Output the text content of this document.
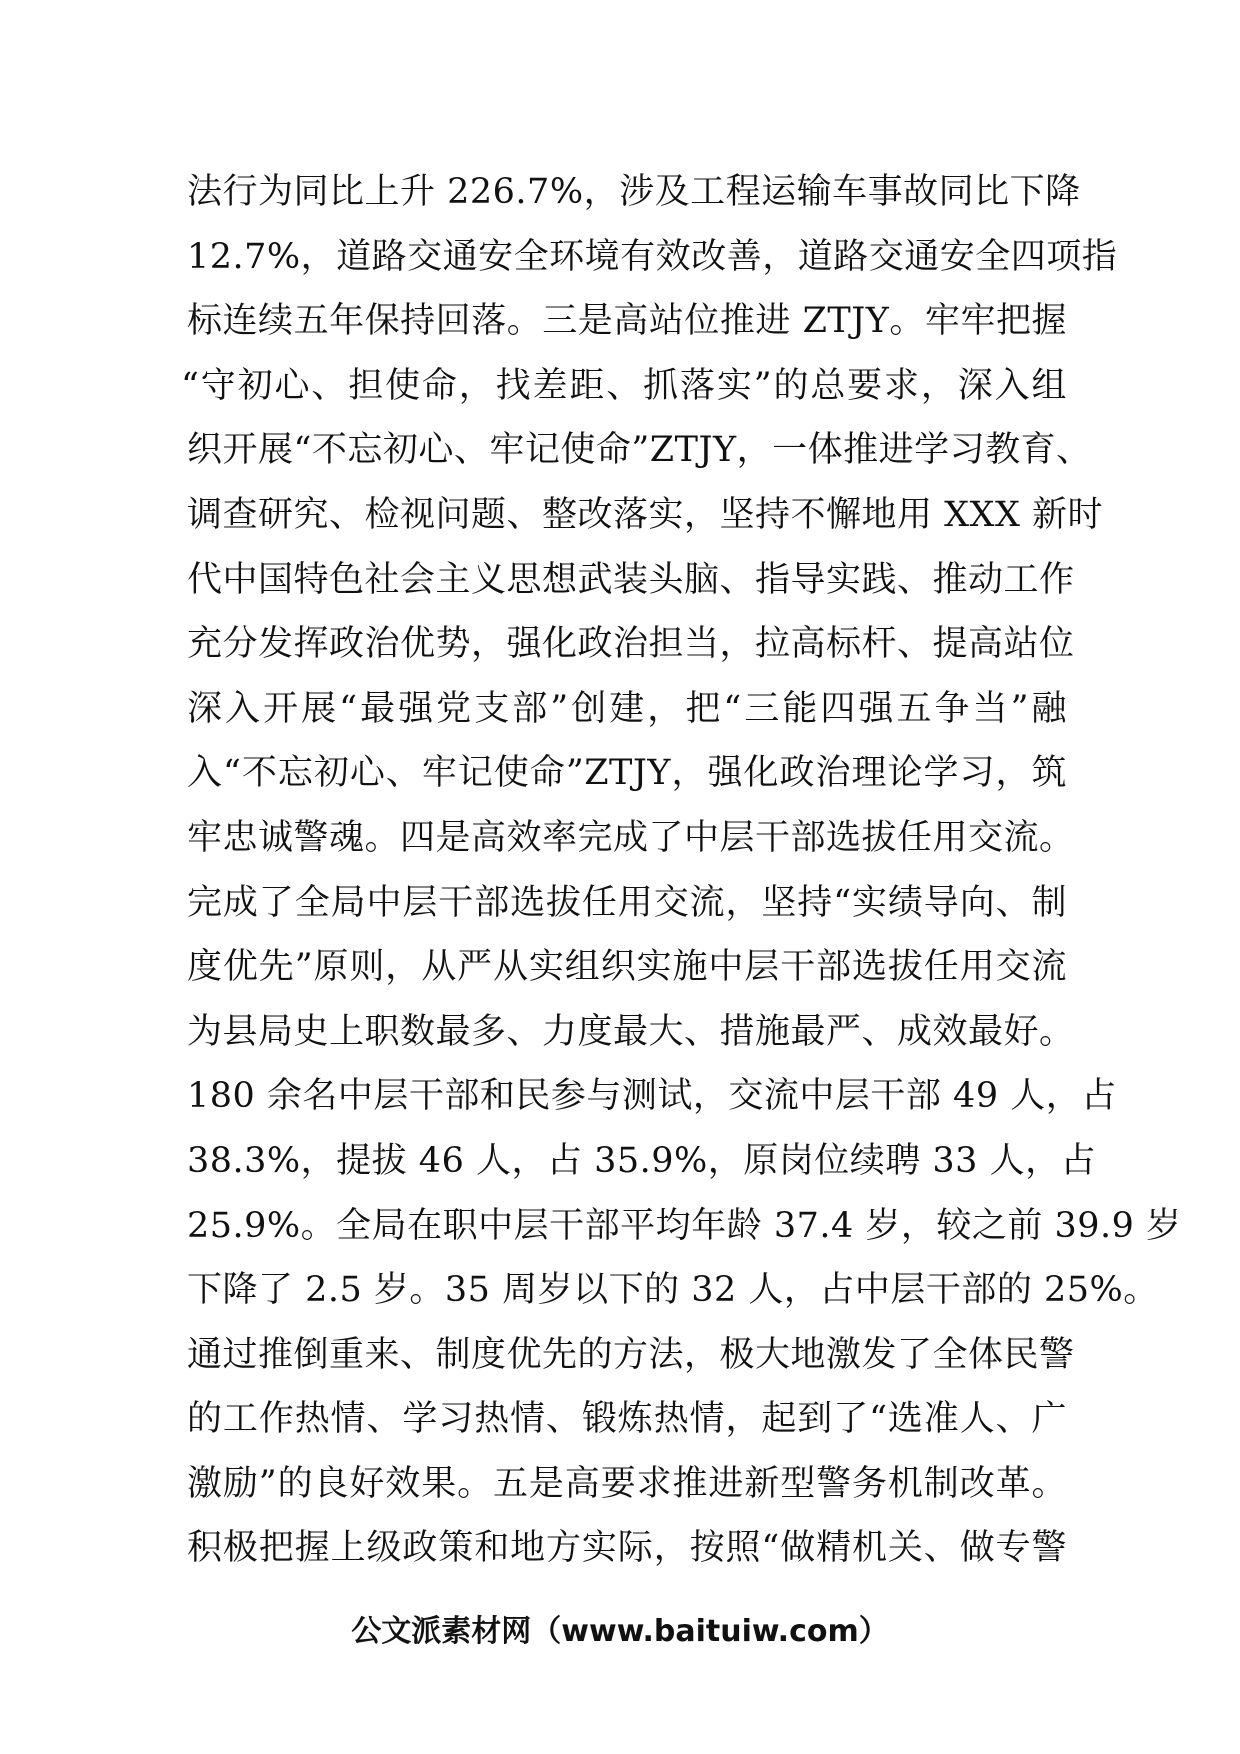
法行为同比上升 226.7%，涉及工程运输车事故同比下降
12.7%，道路交通安全环境有效改善，道路交通安全四项指
标连续五年保持回落。三是高站位推进 ZTJY。牢牢把握
“守初心、担使命，找差距、抓落实”的总要求，深入组
织开展“不忘初心、牢记使命”ZTJY，一体推进学习教育、
调查研究、检视问题、整改落实，坚持不懈地用 XXX 新时
代中国特色社会主义思想武装头脑、指导实践、推动工作
充分发挥政治优势，强化政治担当，拉高标杆、提高站位
深入开展“最强党支部”创建，把“三能四强五争当”融
入“不忘初心、牢记使命”ZTJY，强化政治理论学习，筑
牢忠诚警魂。四是高效率完成了中层干部选拔任用交流。
完成了全局中层干部选拔任用交流，坚持“实绩导向、制
度优先”原则，从严从实组织实施中层干部选拔任用交流
为县局史上职数最多、力度最大、措施最严、成效最好。
180 余名中层干部和民参与测试，交流中层干部 49 人，占
38.3%，提拔 46 人，占 35.9%，原岗位续聘 33 人，占
25.9%。全局在职中层干部平均年龄 37.4 岁，较之前 39.9 岁
下降了 2.5 岁。35 周岁以下的 32 人，占中层干部的 25%。
通过推倒重来、制度优先的方法，极大地激发了全体民警
的工作热情、学习热情、锻炼热情，起到了“选准人、广
激励”的良好效果。五是高要求推进新型警务机制改革。
积极把握上级政策和地方实际，按照“做精机关、做专警
公文派素材网（www.baituiw.com）
